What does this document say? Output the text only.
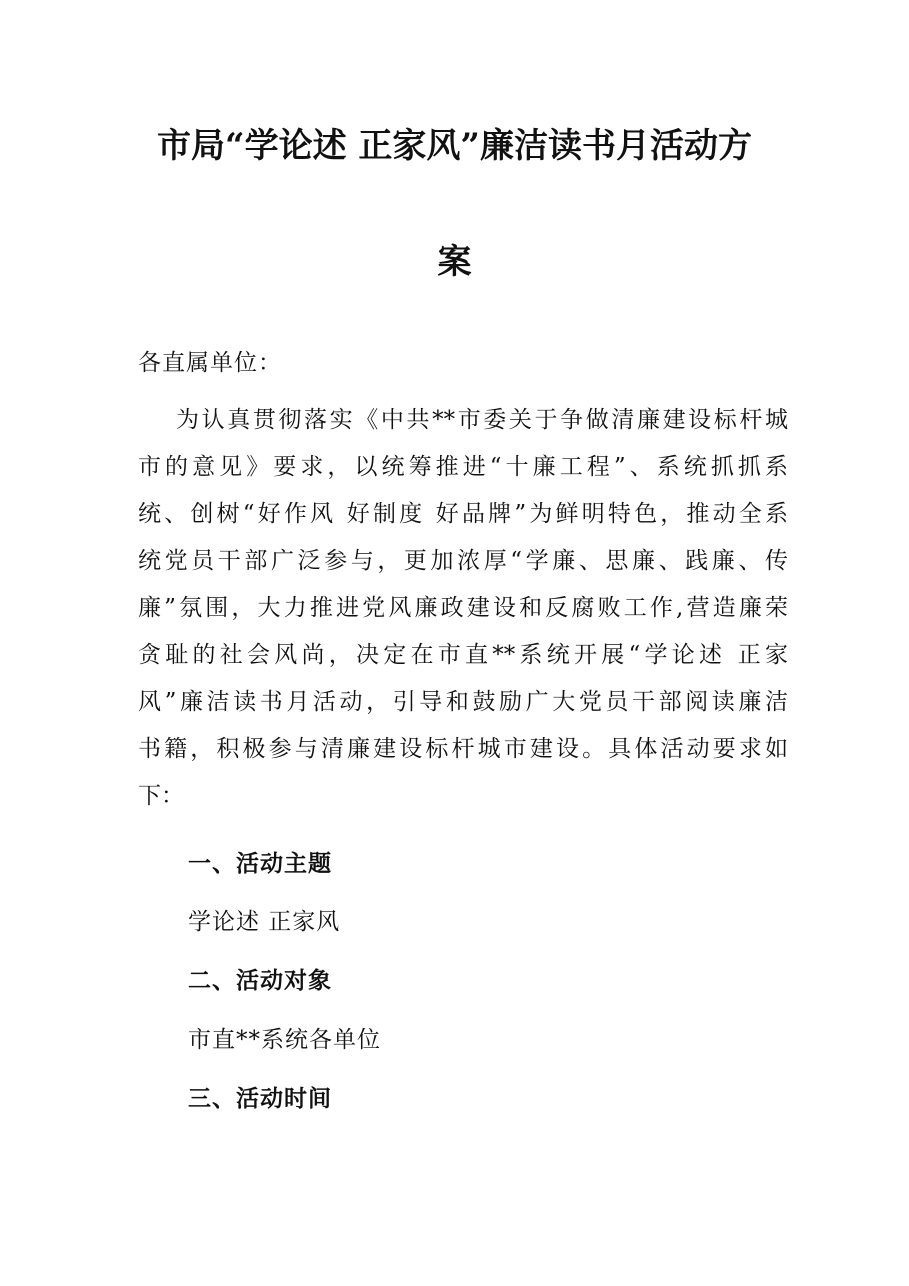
市局“学论述 正家风”廉洁读书月活动方
案

各直属单位：

为认真贯彻落实《中共**市委关于争做清廉建设标杆城
市的意见》要求，以统筹推进“十廉工程”、系统抓抓系
统、创树“好作风 好制度 好品牌”为鲜明特色，推动全系
统党员干部广泛参与，更加浓厚“学廉、思廉、践廉、传
廉”氛围，大力推进党风廉政建设和反腐败工作,营造廉荣
贪耻的社会风尚，决定在市直**系统开展“学论述 正家
风”廉洁读书月活动，引导和鼓励广大党员干部阅读廉洁
书籍，积极参与清廉建设标杆城市建设。具体活动要求如
下：
一、活动主题

学论述 正家风

二、活动对象

市直**系统各单位

三、活动时间
